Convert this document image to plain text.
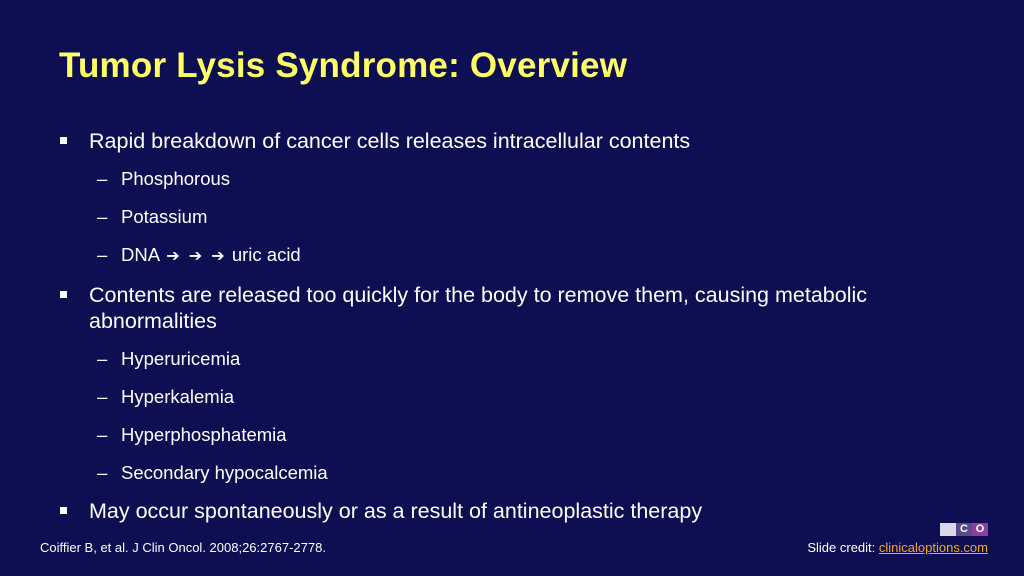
Tumor Lysis Syndrome: Overview
Rapid breakdown of cancer cells releases intracellular contents
– Phosphorous
– Potassium
– DNA ➔ ➔ ➔ uric acid
Contents are released too quickly for the body to remove them, causing metabolic abnormalities
– Hyperuricemia
– Hyperkalemia
– Hyperphosphatemia
– Secondary hypocalcemia
May occur spontaneously or as a result of antineoplastic therapy
C C O
Coiffier B, et al. J Clin Oncol. 2008;26:2767-2778.	Slide credit: clinicaloptions.com
